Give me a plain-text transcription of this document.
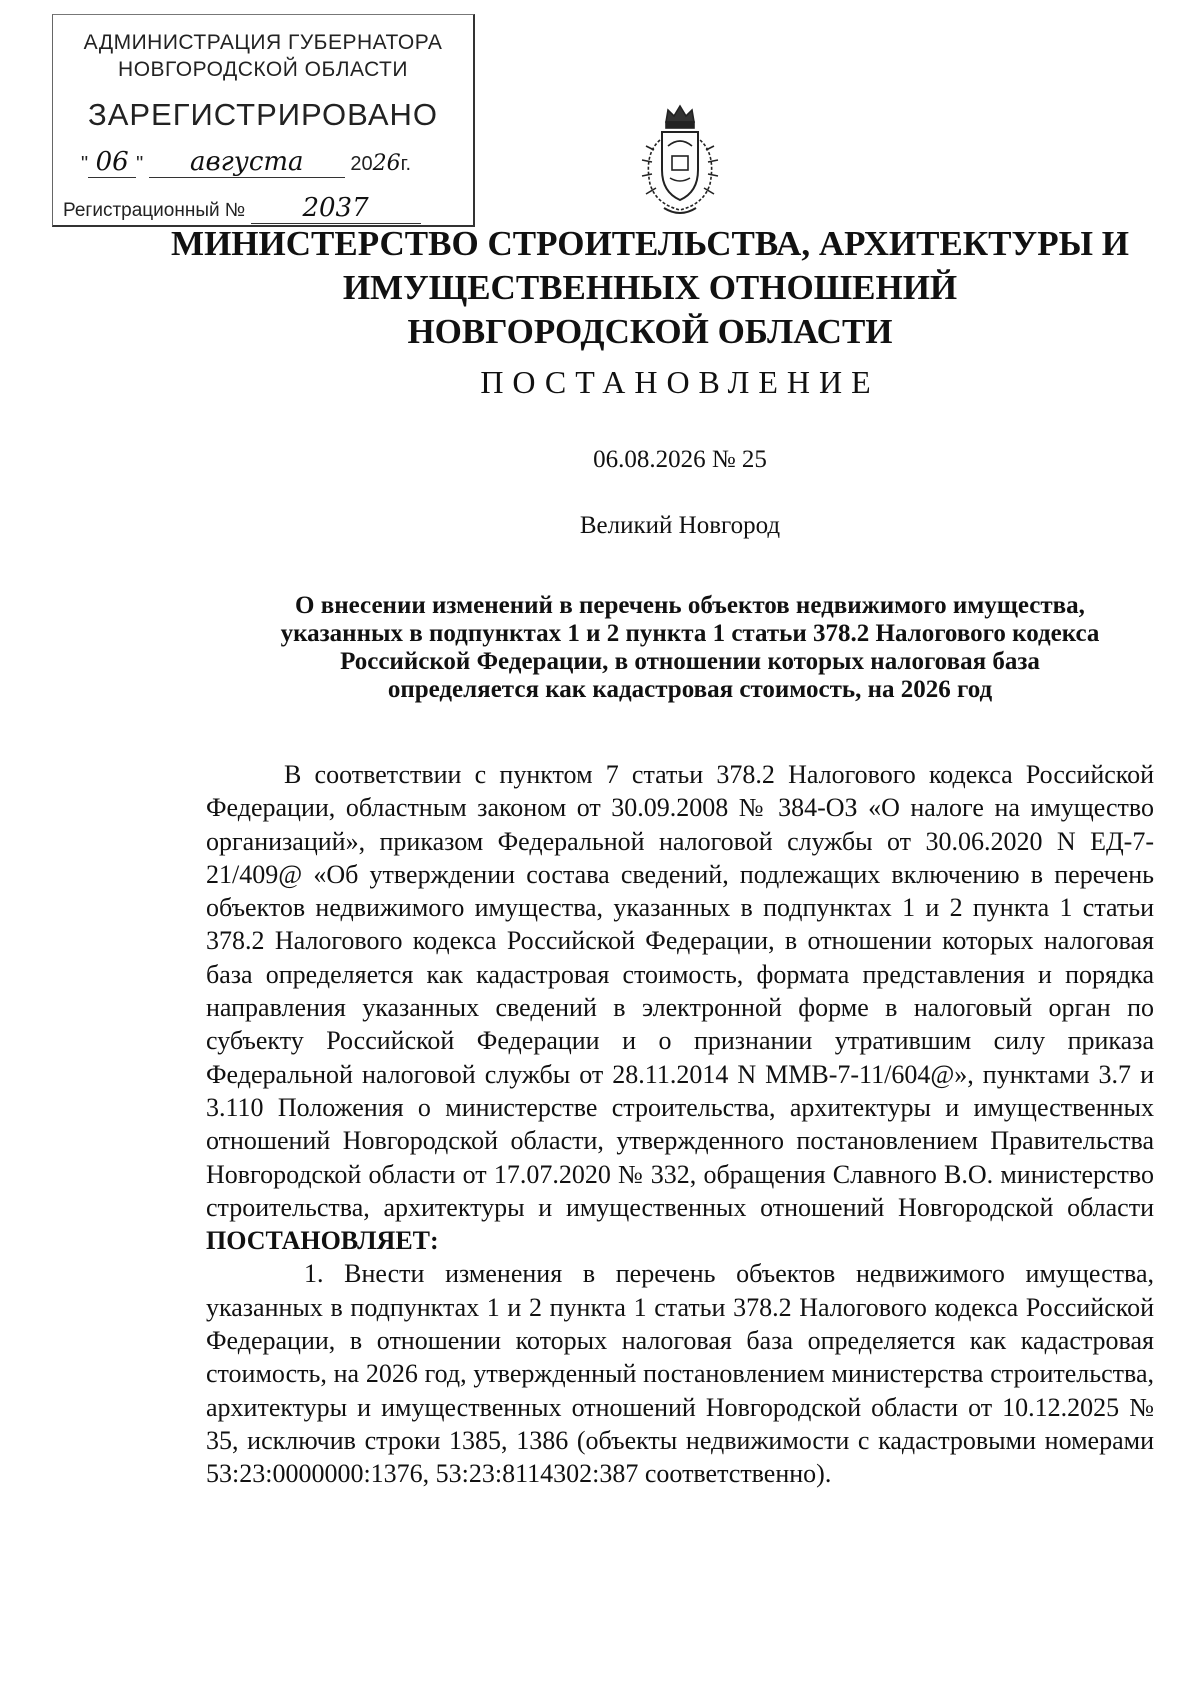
АДМИНИСТРАЦИЯ ГУБЕРНАТОРА
НОВГОРОДСКОЙ ОБЛАСТИ
ЗАРЕГИСТРИРОВАНО
" 06 " августа 2026г.
Регистрационный № 2037
МИНИСТЕРСТВО СТРОИТЕЛЬСТВА, АРХИТЕКТУРЫ И
ИМУЩЕСТВЕННЫХ ОТНОШЕНИЙ
НОВГОРОДСКОЙ ОБЛАСТИ
ПОСТАНОВЛЕНИЕ
06.08.2026 № 25
Великий Новгород
О внесении изменений в перечень объектов недвижимого имущества,
указанных в подпунктах 1 и 2 пункта 1 статьи 378.2 Налогового кодекса
Российской Федерации, в отношении которых налоговая база
определяется как кадастровая стоимость, на 2026 год

В соответствии с пунктом 7 статьи 378.2 Налогового кодекса Российской Федерации, областным законом от 30.09.2008 № 384-ОЗ «О налоге на имущество организаций», приказом Федеральной налоговой службы от 30.06.2020 N ЕД-7-21/409@ «Об утверждении состава сведений, подлежащих включению в перечень объектов недвижимого имущества, указанных в подпунктах 1 и 2 пункта 1 статьи 378.2 Налогового кодекса Российской Федерации, в отношении которых налоговая база определяется как кадастровая стоимость, формата представления и порядка направления указанных сведений в электронной форме в налоговый орган по субъекту Российской Федерации и о признании утратившим силу приказа Федеральной налоговой службы от 28.11.2014 N ММВ-7-11/604@», пунктами 3.7 и 3.110 Положения о министерстве строительства, архитектуры и имущественных отношений Новгородской области, утвержденного постановлением Правительства Новгородской области от 17.07.2020 № 332, обращения Славного В.О. министерство строительства, архитектуры и имущественных отношений Новгородской области ПОСТАНОВЛЯЕТ:

1. Внести изменения в перечень объектов недвижимого имущества, указанных в подпунктах 1 и 2 пункта 1 статьи 378.2 Налогового кодекса Российской Федерации, в отношении которых налоговая база определяется как кадастровая стоимость, на 2026 год, утвержденный постановлением министерства строительства, архитектуры и имущественных отношений Новгородской области от 10.12.2025 № 35, исключив строки 1385, 1386 (объекты недвижимости с кадастровыми номерами 53:23:0000000:1376, 53:23:8114302:387 соответственно).
